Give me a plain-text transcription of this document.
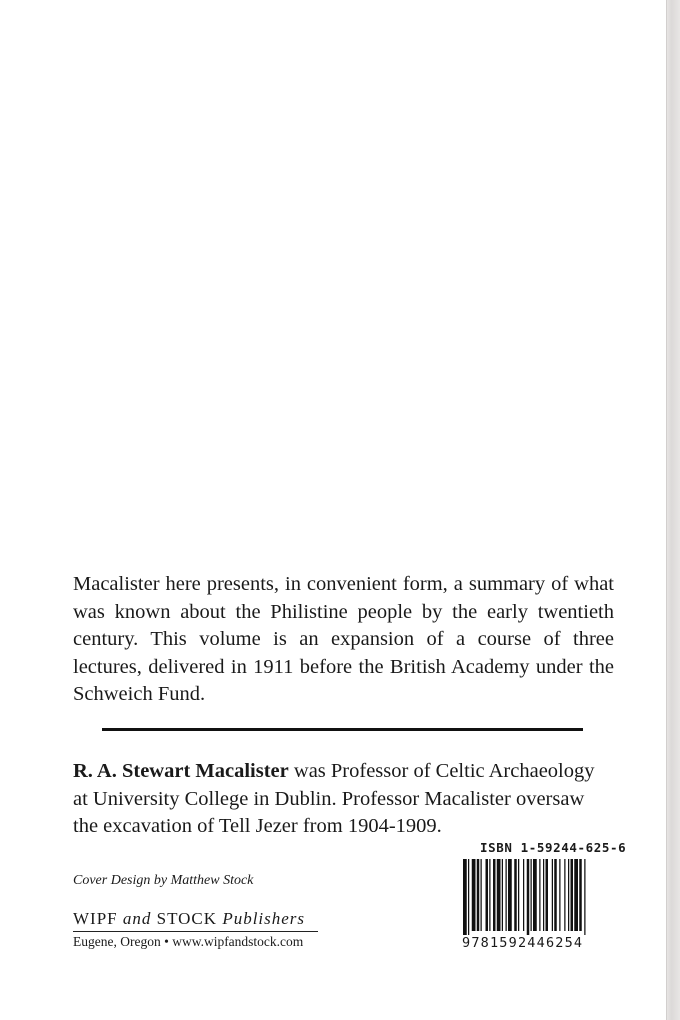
Macalister here presents, in convenient form, a summary of what was known about the Philistine people by the early twentieth century. This volume is an expansion of a course of three lectures, delivered in 1911 before the British Academy under the Schweich Fund.

R. A. Stewart Macalister was Professor of Celtic Archaeology at University College in Dublin. Professor Macalister oversaw the excavation of Tell Jezer from 1904-1909.

Cover Design by Matthew Stock

WIPF and STOCK Publishers

Eugene, Oregon • www.wipfandstock.com

ISBN 1-59244-625-6
9781592446254
